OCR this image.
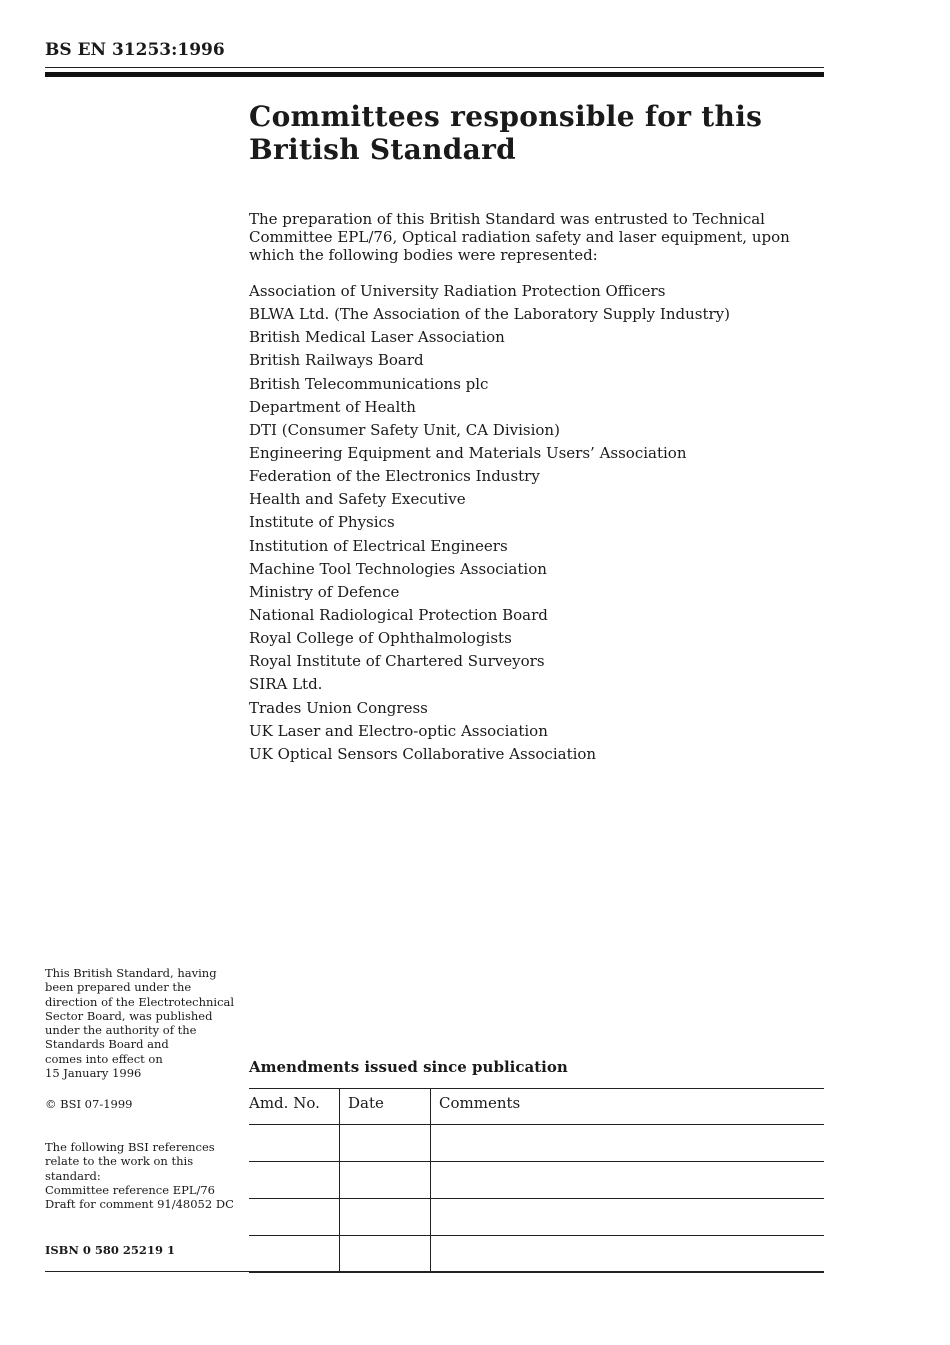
BS EN 31253:1996
Committees responsible for this
British Standard

The preparation of this British Standard was entrusted to Technical Committee EPL/76, Optical radiation safety and laser equipment, upon which the following bodies were represented:

Association of University Radiation Protection Officers
BLWA Ltd. (The Association of the Laboratory Supply Industry)
British Medical Laser Association
British Railways Board
British Telecommunications plc
Department of Health
DTI (Consumer Safety Unit, CA Division)
Engineering Equipment and Materials Users’ Association
Federation of the Electronics Industry
Health and Safety Executive
Institute of Physics
Institution of Electrical Engineers
Machine Tool Technologies Association
Ministry of Defence
National Radiological Protection Board
Royal College of Ophthalmologists
Royal Institute of Chartered Surveyors
SIRA Ltd.
Trades Union Congress
UK Laser and Electro-optic Association
UK Optical Sensors Collaborative Association
This British Standard, having
been prepared under the
direction of the Electrotechnical
Sector Board, was published
under the authority of the
Standards Board and
comes into effect on
15 January 1996
© BSI 07-1999
The following BSI references
relate to the work on this
standard:
Committee reference EPL/76
Draft for comment 91/48052 DC
ISBN 0 580 25219 1
Amendments issued since publication
Amd. No.	Date	Comments
